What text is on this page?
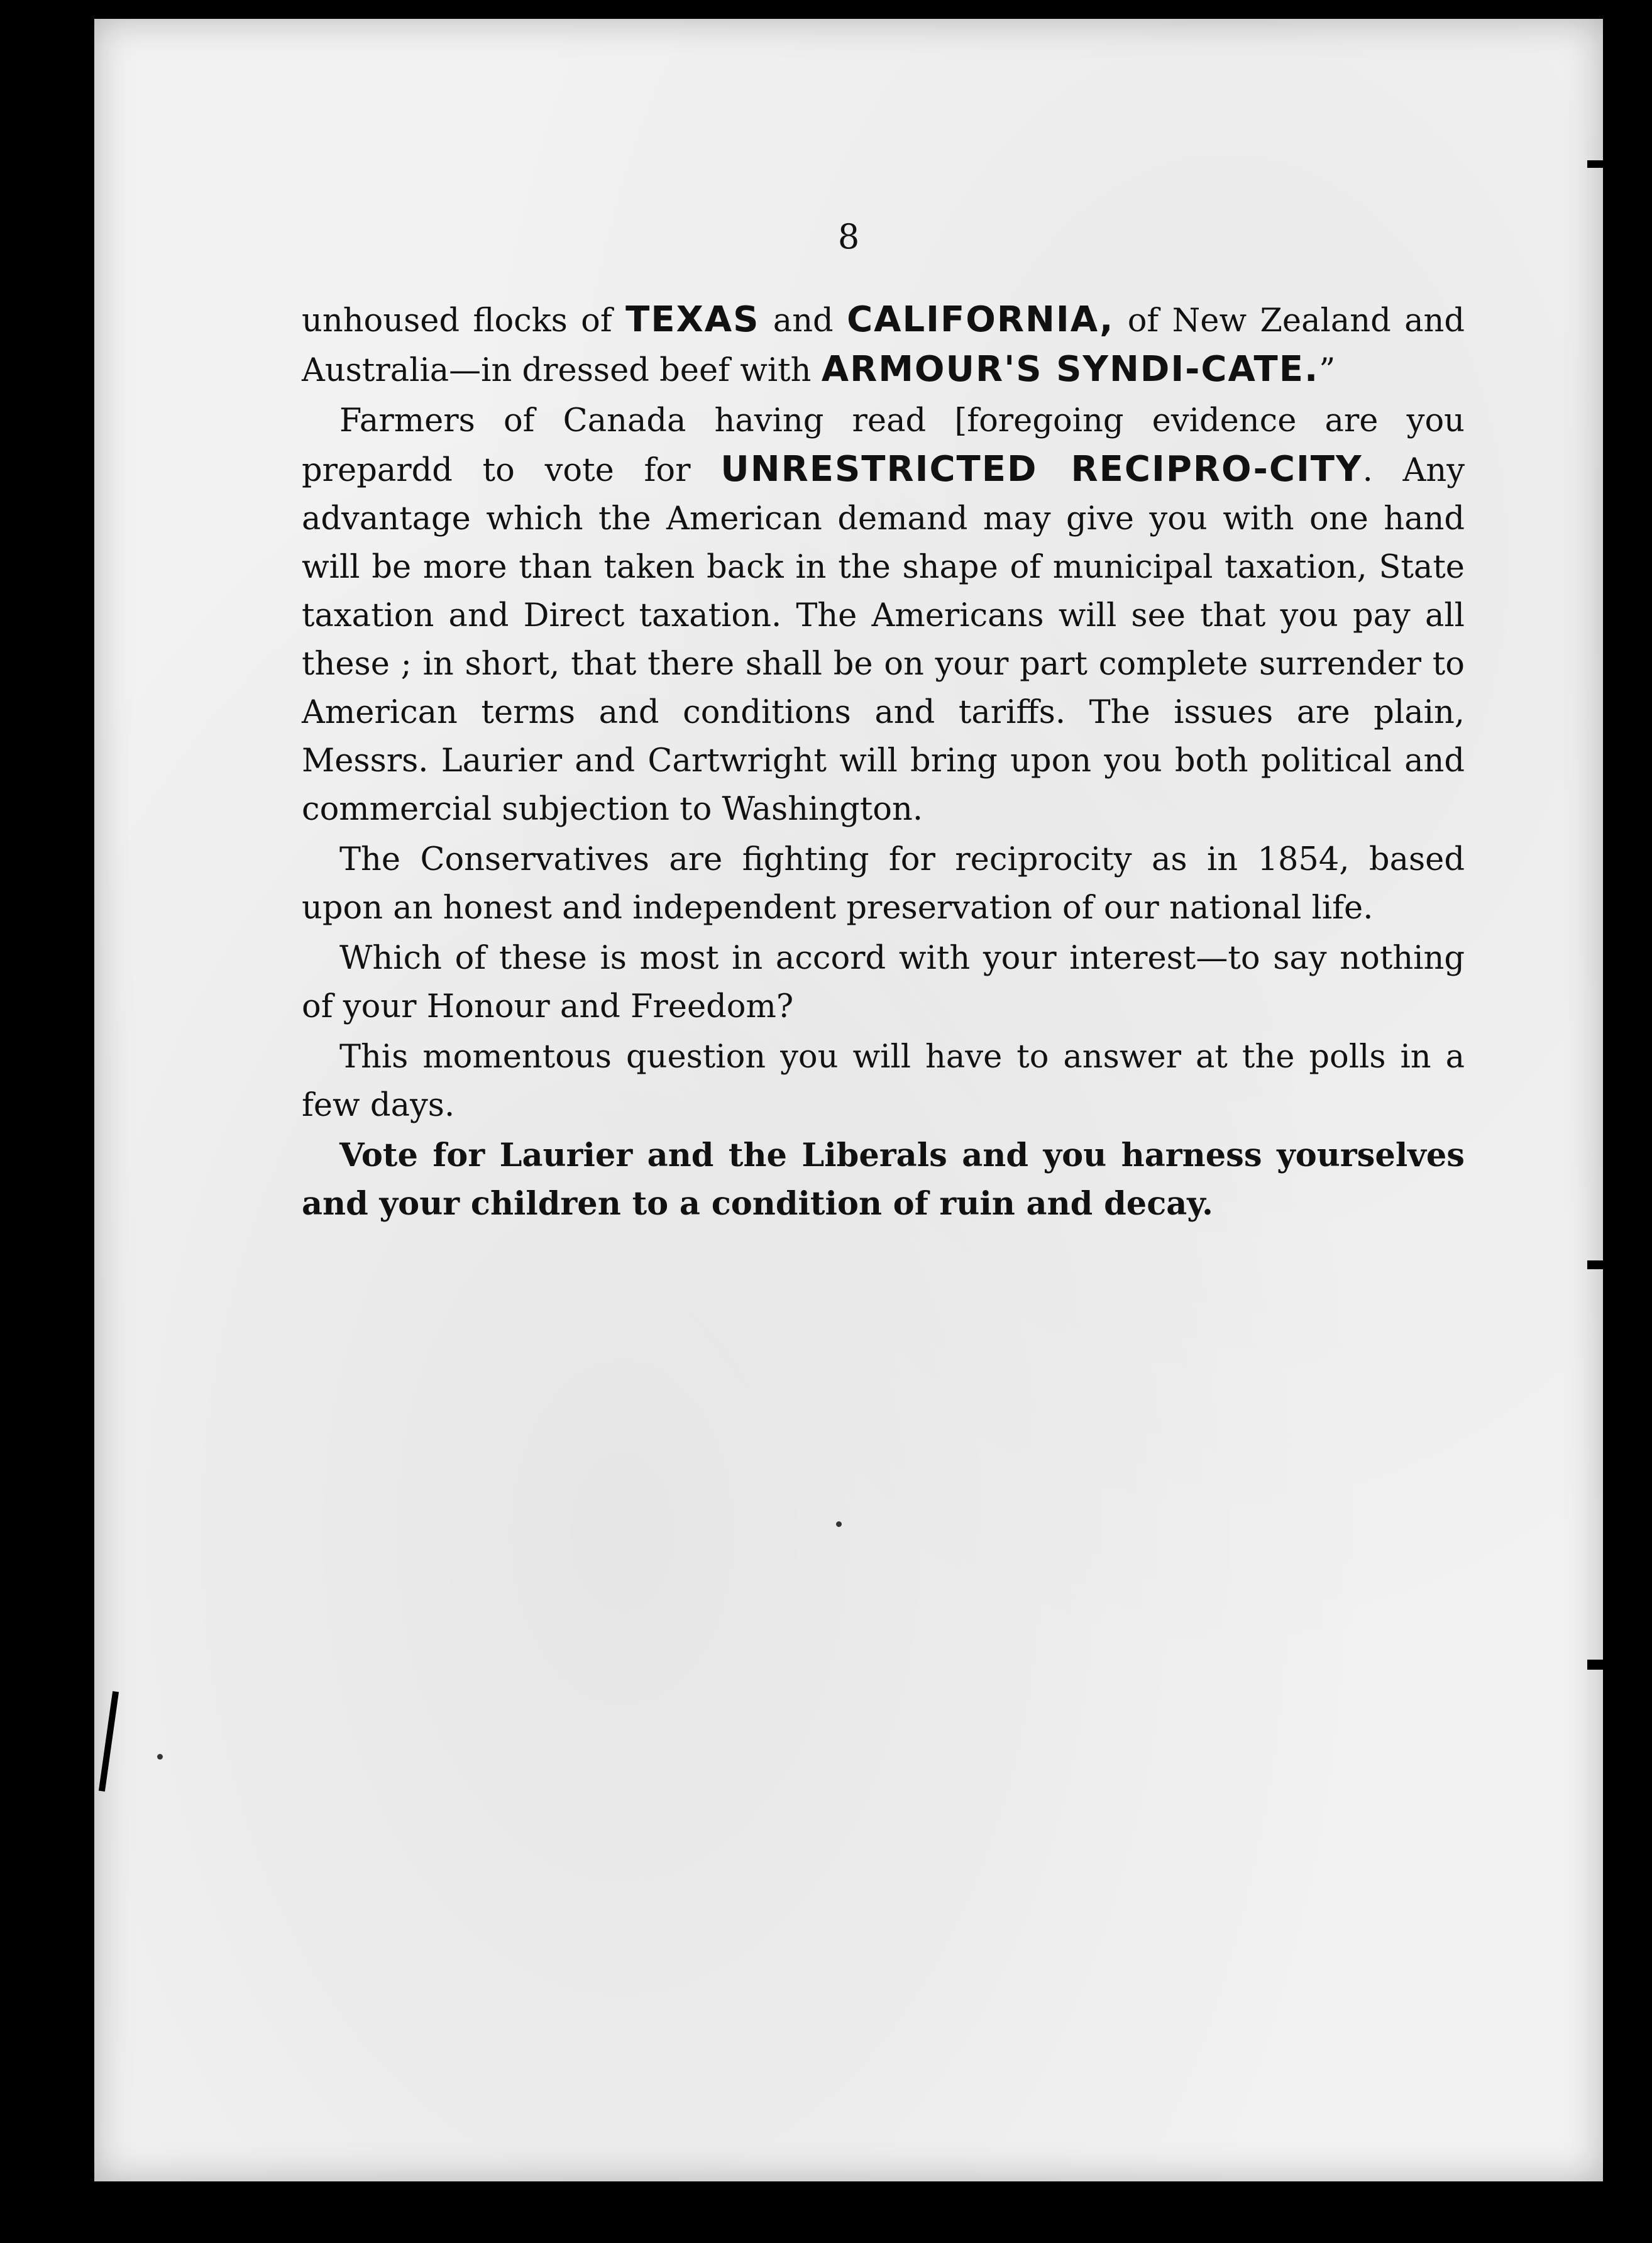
8

unhoused flocks of TEXAS and CALIFORNIA, of New Zealand and Australia—in dressed beef with ARMOUR'S SYNDI-CATE.”

Farmers of Canada having read [foregoing evidence are you prepardd to vote for UNRESTRICTED RECIPRO-CITY. Any advantage which the American demand may give you with one hand will be more than taken back in the shape of municipal taxation, State taxation and Direct taxation. The Americans will see that you pay all these ; in short, that there shall be on your part complete surrender to American terms and conditions and tariffs. The issues are plain, Messrs. Laurier and Cartwright will bring upon you both political and commercial subjection to Washington.

The Conservatives are fighting for reciprocity as in 1854, based upon an honest and independent preservation of our national life.

Which of these is most in accord with your interest—to say nothing of your Honour and Freedom?

This momentous question you will have to answer at the polls in a few days.

Vote for Laurier and the Liberals and you harness yourselves and your children to a condition of ruin and decay.
